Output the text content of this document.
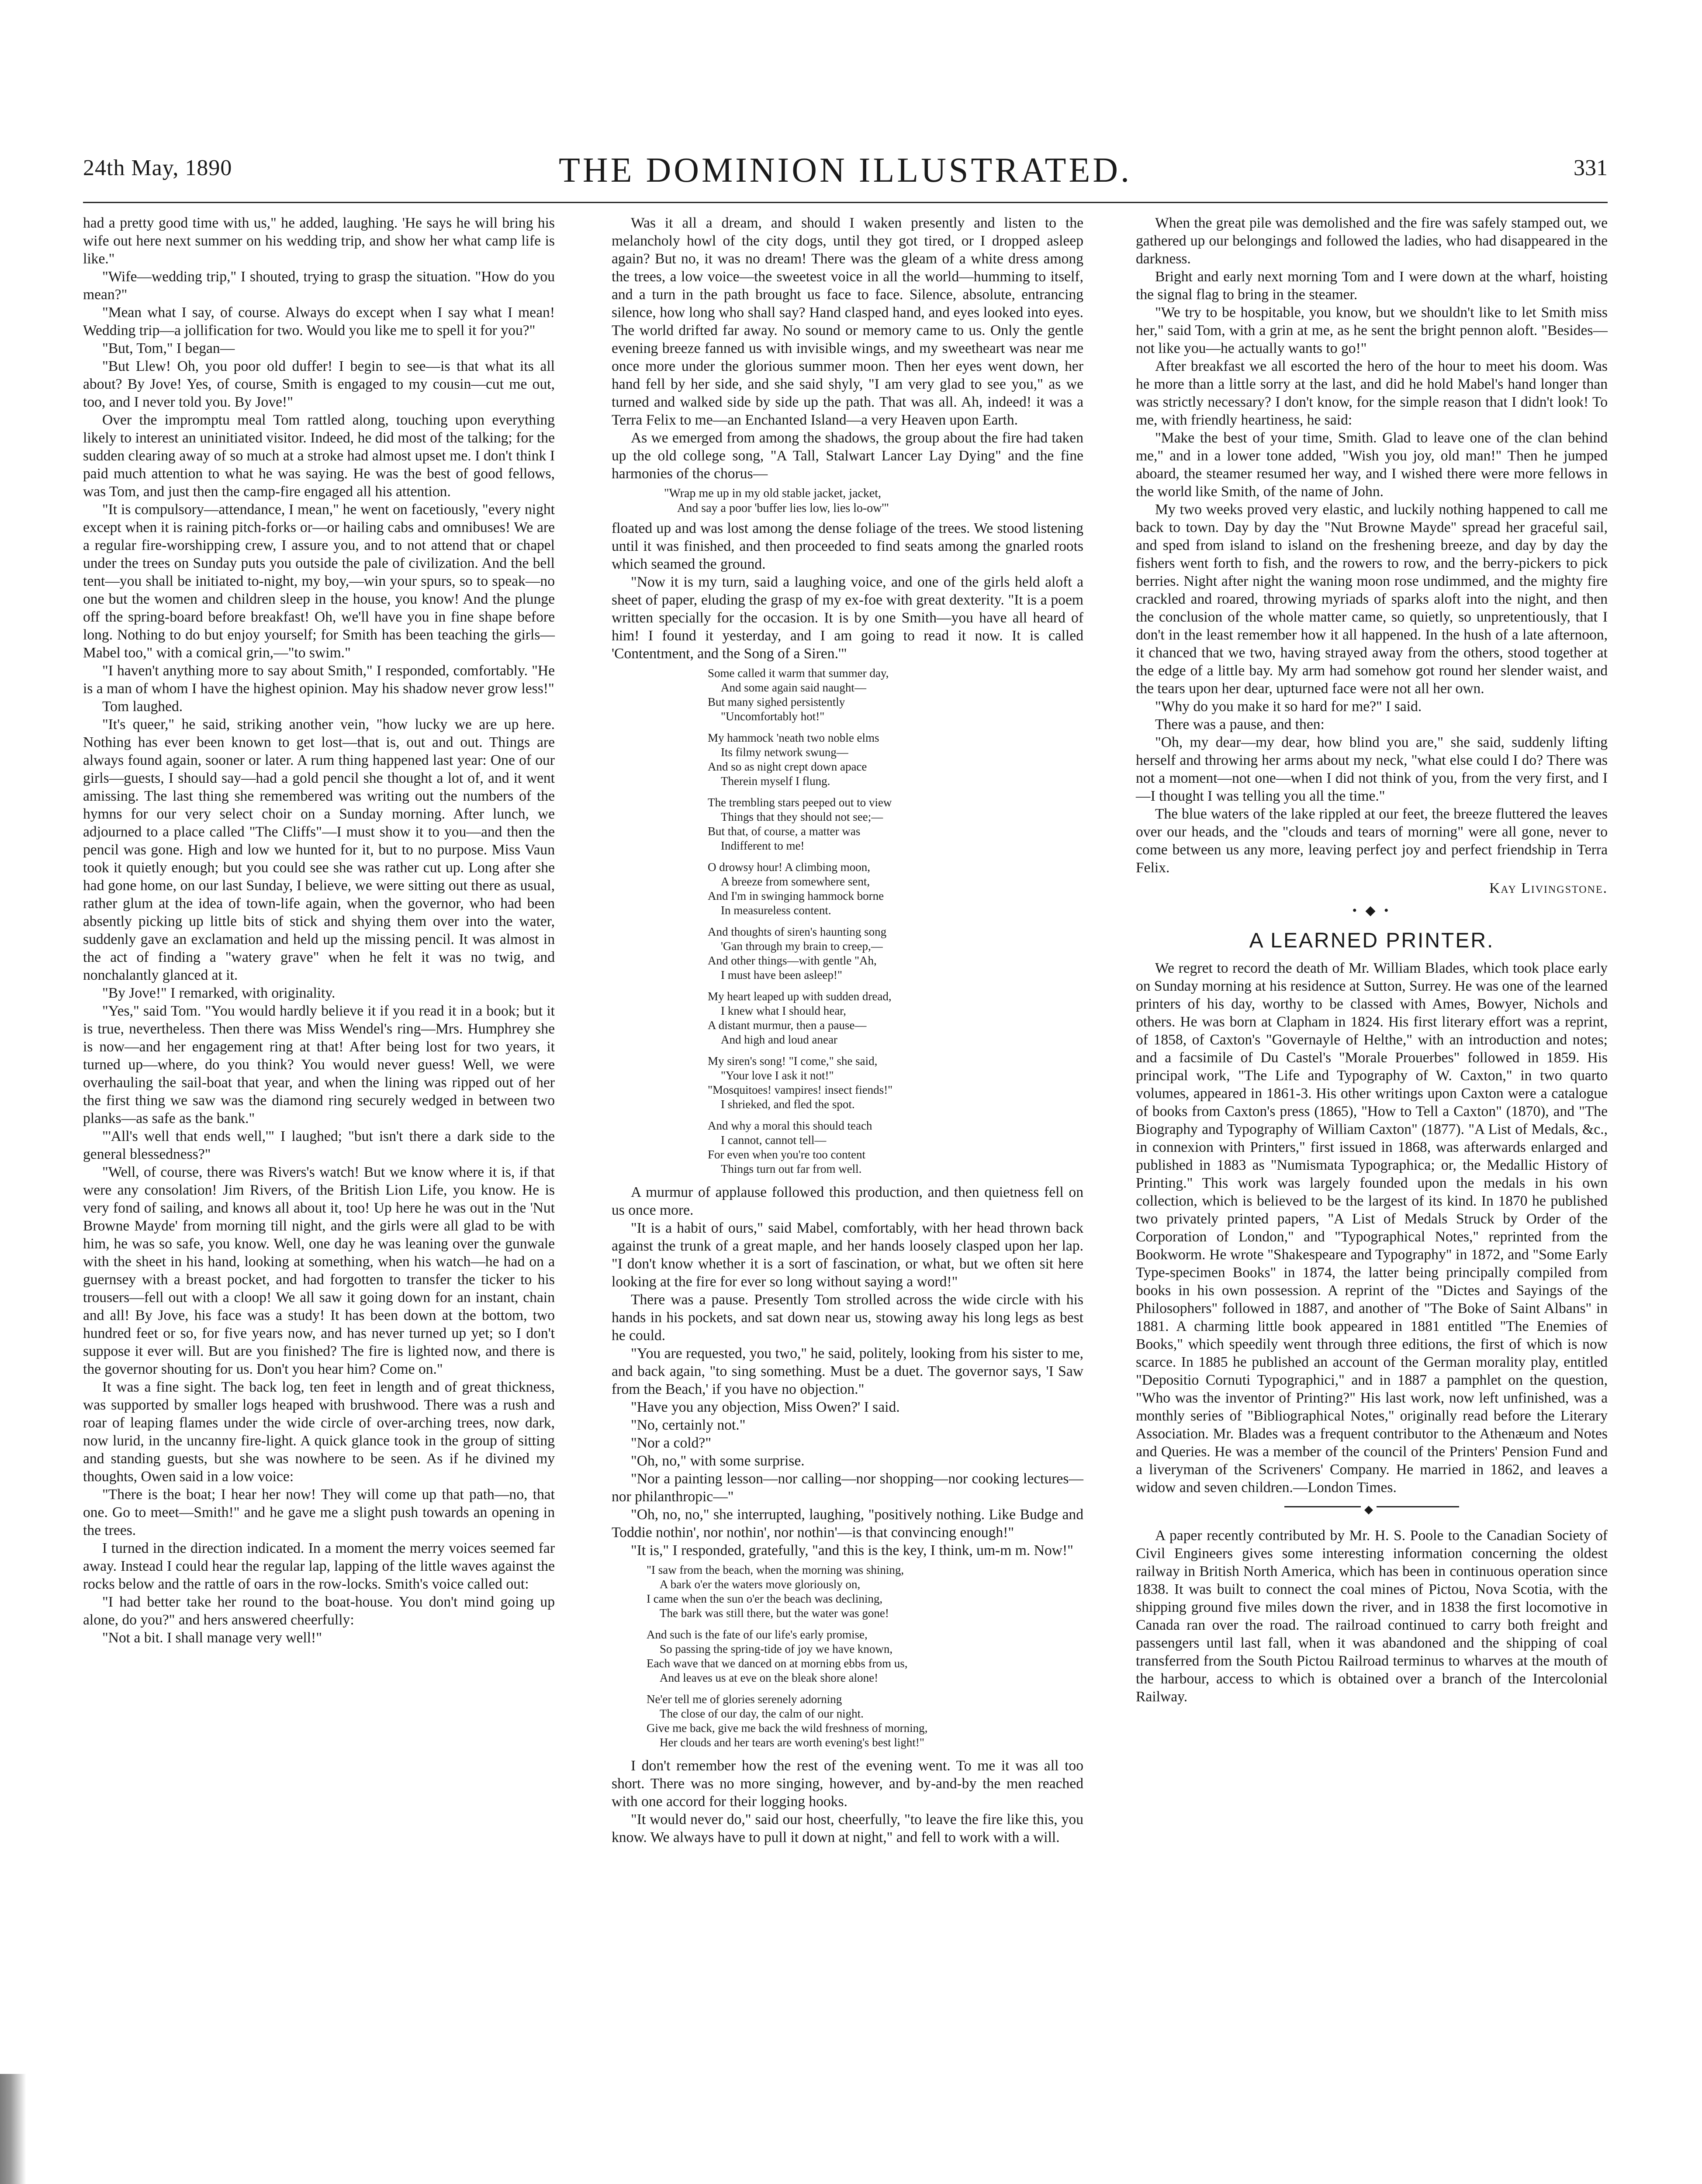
24th May, 1890	THE DOMINION ILLUSTRATED.	331

had a pretty good time with us," he added, laughing. 'He says he will bring his wife out here next summer on his wedding trip, and show her what camp life is like."

"Wife—wedding trip," I shouted, trying to grasp the situation. "How do you mean?"

"Mean what I say, of course. Always do except when I say what I mean! Wedding trip—a jollification for two. Would you like me to spell it for you?"

"But, Tom," I began—

"But Llew! Oh, you poor old duffer! I begin to see—is that what its all about? By Jove! Yes, of course, Smith is engaged to my cousin—cut me out, too, and I never told you. By Jove!"

Over the impromptu meal Tom rattled along, touching upon everything likely to interest an uninitiated visitor. Indeed, he did most of the talking; for the sudden clearing away of so much at a stroke had almost upset me. I don't think I paid much attention to what he was saying. He was the best of good fellows, was Tom, and just then the camp-fire engaged all his attention.

"It is compulsory—attendance, I mean," he went on facetiously, "every night except when it is raining pitch-forks or—or hailing cabs and omnibuses! We are a regular fire-worshipping crew, I assure you, and to not attend that or chapel under the trees on Sunday puts you outside the pale of civilization. And the bell tent—you shall be initiated to-night, my boy,—win your spurs, so to speak—no one but the women and children sleep in the house, you know! And the plunge off the spring-board before breakfast! Oh, we'll have you in fine shape before long. Nothing to do but enjoy yourself; for Smith has been teaching the girls—Mabel too," with a comical grin,—"to swim."

"I haven't anything more to say about Smith," I responded, comfortably. "He is a man of whom I have the highest opinion. May his shadow never grow less!"

Tom laughed.

"It's queer," he said, striking another vein, "how lucky we are up here. Nothing has ever been known to get lost—that is, out and out. Things are always found again, sooner or later. A rum thing happened last year: One of our girls—guests, I should say—had a gold pencil she thought a lot of, and it went amissing. The last thing she remembered was writing out the numbers of the hymns for our very select choir on a Sunday morning. After lunch, we adjourned to a place called "The Cliffs"—I must show it to you—and then the pencil was gone. High and low we hunted for it, but to no purpose. Miss Vaun took it quietly enough; but you could see she was rather cut up. Long after she had gone home, on our last Sunday, I believe, we were sitting out there as usual, rather glum at the idea of town-life again, when the governor, who had been absently picking up little bits of stick and shying them over into the water, suddenly gave an exclamation and held up the missing pencil. It was almost in the act of finding a "watery grave" when he felt it was no twig, and nonchalantly glanced at it.

"By Jove!" I remarked, with originality.

"Yes," said Tom. "You would hardly believe it if you read it in a book; but it is true, nevertheless. Then there was Miss Wendel's ring—Mrs. Humphrey she is now—and her engagement ring at that! After being lost for two years, it turned up—where, do you think? You would never guess! Well, we were overhauling the sail-boat that year, and when the lining was ripped out of her the first thing we saw was the diamond ring securely wedged in between two planks—as safe as the bank."

"'All's well that ends well,'" I laughed; "but isn't there a dark side to the general blessedness?"

"Well, of course, there was Rivers's watch! But we know where it is, if that were any consolation! Jim Rivers, of the British Lion Life, you know. He is very fond of sailing, and knows all about it, too! Up here he was out in the 'Nut Browne Mayde' from morning till night, and the girls were all glad to be with him, he was so safe, you know. Well, one day he was leaning over the gunwale with the sheet in his hand, looking at something, when his watch—he had on a guernsey with a breast pocket, and had forgotten to transfer the ticker to his trousers—fell out with a cloop! We all saw it going down for an instant, chain and all! By Jove, his face was a study! It has been down at the bottom, two hundred feet or so, for five years now, and has never turned up yet; so I don't suppose it ever will. But are you finished? The fire is lighted now, and there is the governor shouting for us. Don't you hear him? Come on."

It was a fine sight. The back log, ten feet in length and of great thickness, was supported by smaller logs heaped with brushwood. There was a rush and roar of leaping flames under the wide circle of over-arching trees, now dark, now lurid, in the uncanny fire-light. A quick glance took in the group of sitting and standing guests, but she was nowhere to be seen. As if he divined my thoughts, Owen said in a low voice:

"There is the boat; I hear her now! They will come up that path—no, that one. Go to meet—Smith!" and he gave me a slight push towards an opening in the trees.

I turned in the direction indicated. In a moment the merry voices seemed far away. Instead I could hear the regular lap, lapping of the little waves against the rocks below and the rattle of oars in the row-locks. Smith's voice called out:

"I had better take her round to the boat-house. You don't mind going up alone, do you?" and hers answered cheerfully:

"Not a bit. I shall manage very well!"

Was it all a dream, and should I waken presently and listen to the melancholy howl of the city dogs, until they got tired, or I dropped asleep again? But no, it was no dream! There was the gleam of a white dress among the trees, a low voice—the sweetest voice in all the world—humming to itself, and a turn in the path brought us face to face. Silence, absolute, entrancing silence, how long who shall say? Hand clasped hand, and eyes looked into eyes. The world drifted far away. No sound or memory came to us. Only the gentle evening breeze fanned us with invisible wings, and my sweetheart was near me once more under the glorious summer moon. Then her eyes went down, her hand fell by her side, and she said shyly, "I am very glad to see you," as we turned and walked side by side up the path. That was all. Ah, indeed! it was a Terra Felix to me—an Enchanted Island—a very Heaven upon Earth.

As we emerged from among the shadows, the group about the fire had taken up the old college song, "A Tall, Stalwart Lancer Lay Dying" and the fine harmonies of the chorus—

"Wrap me up in my old stable jacket, jacket,

And say a poor 'buffer lies low, lies lo-ow'"

floated up and was lost among the dense foliage of the trees. We stood listening until it was finished, and then proceeded to find seats among the gnarled roots which seamed the ground.

"Now it is my turn, said a laughing voice, and one of the girls held aloft a sheet of paper, eluding the grasp of my ex-foe with great dexterity. "It is a poem written specially for the occasion. It is by one Smith—you have all heard of him! I found it yesterday, and I am going to read it now. It is called 'Contentment, and the Song of a Siren.'"

Some called it warm that summer day,

And some again said naught—

But many sighed persistently

"Uncomfortably hot!"

My hammock 'neath two noble elms

Its filmy network swung—

And so as night crept down apace

Therein myself I flung.

The trembling stars peeped out to view

Things that they should not see;—

But that, of course, a matter was

Indifferent to me!

O drowsy hour! A climbing moon,

A breeze from somewhere sent,

And I'm in swinging hammock borne

In measureless content.

And thoughts of siren's haunting song

'Gan through my brain to creep,—

And other things—with gentle "Ah,

I must have been asleep!"

My heart leaped up with sudden dread,

I knew what I should hear,

A distant murmur, then a pause—

And high and loud anear

My siren's song! "I come," she said,

"Your love I ask it not!"

"Mosquitoes! vampires! insect fiends!"

I shrieked, and fled the spot.

And why a moral this should teach

I cannot, cannot tell—

For even when you're too content

Things turn out far from well.

A murmur of applause followed this production, and then quietness fell on us once more.

"It is a habit of ours," said Mabel, comfortably, with her head thrown back against the trunk of a great maple, and her hands loosely clasped upon her lap. "I don't know whether it is a sort of fascination, or what, but we often sit here looking at the fire for ever so long without saying a word!"

There was a pause. Presently Tom strolled across the wide circle with his hands in his pockets, and sat down near us, stowing away his long legs as best he could.

"You are requested, you two," he said, politely, looking from his sister to me, and back again, "to sing something. Must be a duet. The governor says, 'I Saw from the Beach,' if you have no objection."

"Have you any objection, Miss Owen?' I said.

"No, certainly not."

"Nor a cold?"

"Oh, no," with some surprise.

"Nor a painting lesson—nor calling—nor shopping—nor cooking lectures—nor philanthropic—"

"Oh, no, no," she interrupted, laughing, "positively nothing. Like Budge and Toddie nothin', nor nothin', nor nothin'—is that convincing enough!"

"It is," I responded, gratefully, "and this is the key, I think, um-m m. Now!"

"I saw from the beach, when the morning was shining,

A bark o'er the waters move gloriously on,

I came when the sun o'er the beach was declining,

The bark was still there, but the water was gone!

And such is the fate of our life's early promise,

So passing the spring-tide of joy we have known,

Each wave that we danced on at morning ebbs from us,

And leaves us at eve on the bleak shore alone!

Ne'er tell me of glories serenely adorning

The close of our day, the calm of our night.

Give me back, give me back the wild freshness of morning,

Her clouds and her tears are worth evening's best light!"

I don't remember how the rest of the evening went. To me it was all too short. There was no more singing, however, and by-and-by the men reached with one accord for their logging hooks.

"It would never do," said our host, cheerfully, "to leave the fire like this, you know. We always have to pull it down at night," and fell to work with a will.

When the great pile was demolished and the fire was safely stamped out, we gathered up our belongings and followed the ladies, who had disappeared in the darkness.

Bright and early next morning Tom and I were down at the wharf, hoisting the signal flag to bring in the steamer.

"We try to be hospitable, you know, but we shouldn't like to let Smith miss her," said Tom, with a grin at me, as he sent the bright pennon aloft. "Besides—not like you—he actually wants to go!"

After breakfast we all escorted the hero of the hour to meet his doom. Was he more than a little sorry at the last, and did he hold Mabel's hand longer than was strictly necessary? I don't know, for the simple reason that I didn't look! To me, with friendly heartiness, he said:

"Make the best of your time, Smith. Glad to leave one of the clan behind me," and in a lower tone added, "Wish you joy, old man!" Then he jumped aboard, the steamer resumed her way, and I wished there were more fellows in the world like Smith, of the name of John.

My two weeks proved very elastic, and luckily nothing happened to call me back to town. Day by day the "Nut Browne Mayde" spread her graceful sail, and sped from island to island on the freshening breeze, and day by day the fishers went forth to fish, and the rowers to row, and the berry-pickers to pick berries. Night after night the waning moon rose undimmed, and the mighty fire crackled and roared, throwing myriads of sparks aloft into the night, and then the conclusion of the whole matter came, so quietly, so unpretentiously, that I don't in the least remember how it all happened. In the hush of a late afternoon, it chanced that we two, having strayed away from the others, stood together at the edge of a little bay. My arm had somehow got round her slender waist, and the tears upon her dear, upturned face were not all her own.

"Why do you make it so hard for me?" I said.

There was a pause, and then:

"Oh, my dear—my dear, how blind you are," she said, suddenly lifting herself and throwing her arms about my neck, "what else could I do? There was not a moment—not one—when I did not think of you, from the very first, and I—I thought I was telling you all the time."

The blue waters of the lake rippled at our feet, the breeze fluttered the leaves over our heads, and the "clouds and tears of morning" were all gone, never to come between us any more, leaving perfect joy and perfect friendship in Terra Felix.

Kay Livingstone.
• ◆ •
A LEARNED PRINTER.

We regret to record the death of Mr. William Blades, which took place early on Sunday morning at his residence at Sutton, Surrey. He was one of the learned printers of his day, worthy to be classed with Ames, Bowyer, Nichols and others. He was born at Clapham in 1824. His first literary effort was a reprint, of 1858, of Caxton's "Governayle of Helthe," with an introduction and notes; and a facsimile of Du Castel's "Morale Prouerbes" followed in 1859. His principal work, "The Life and Typography of W. Caxton," in two quarto volumes, appeared in 1861-3. His other writings upon Caxton were a catalogue of books from Caxton's press (1865), "How to Tell a Caxton" (1870), and "The Biography and Typography of William Caxton" (1877). "A List of Medals, &c., in connexion with Printers," first issued in 1868, was afterwards enlarged and published in 1883 as "Numismata Typographica; or, the Medallic History of Printing." This work was largely founded upon the medals in his own collection, which is believed to be the largest of its kind. In 1870 he published two privately printed papers, "A List of Medals Struck by Order of the Corporation of London," and "Typographical Notes," reprinted from the Bookworm. He wrote "Shakespeare and Typography" in 1872, and "Some Early Type-specimen Books" in 1874, the latter being principally compiled from books in his own possession. A reprint of the "Dictes and Sayings of the Philosophers" followed in 1887, and another of "The Boke of Saint Albans" in 1881. A charming little book appeared in 1881 entitled "The Enemies of Books," which speedily went through three editions, the first of which is now scarce. In 1885 he published an account of the German morality play, entitled "Depositio Cornuti Typographici," and in 1887 a pamphlet on the question, "Who was the inventor of Printing?" His last work, now left unfinished, was a monthly series of "Bibliographical Notes," originally read before the Literary Association. Mr. Blades was a frequent contributor to the Athenæum and Notes and Queries. He was a member of the council of the Printers' Pension Fund and a liveryman of the Scriveners' Company. He married in 1862, and leaves a widow and seven children.—London Times.

◆

A paper recently contributed by Mr. H. S. Poole to the Canadian Society of Civil Engineers gives some interesting information concerning the oldest railway in British North America, which has been in continuous operation since 1838. It was built to connect the coal mines of Pictou, Nova Scotia, with the shipping ground five miles down the river, and in 1838 the first locomotive in Canada ran over the road. The railroad continued to carry both freight and passengers until last fall, when it was abandoned and the shipping of coal transferred from the South Pictou Railroad terminus to wharves at the mouth of the harbour, access to which is obtained over a branch of the Intercolonial Railway.
